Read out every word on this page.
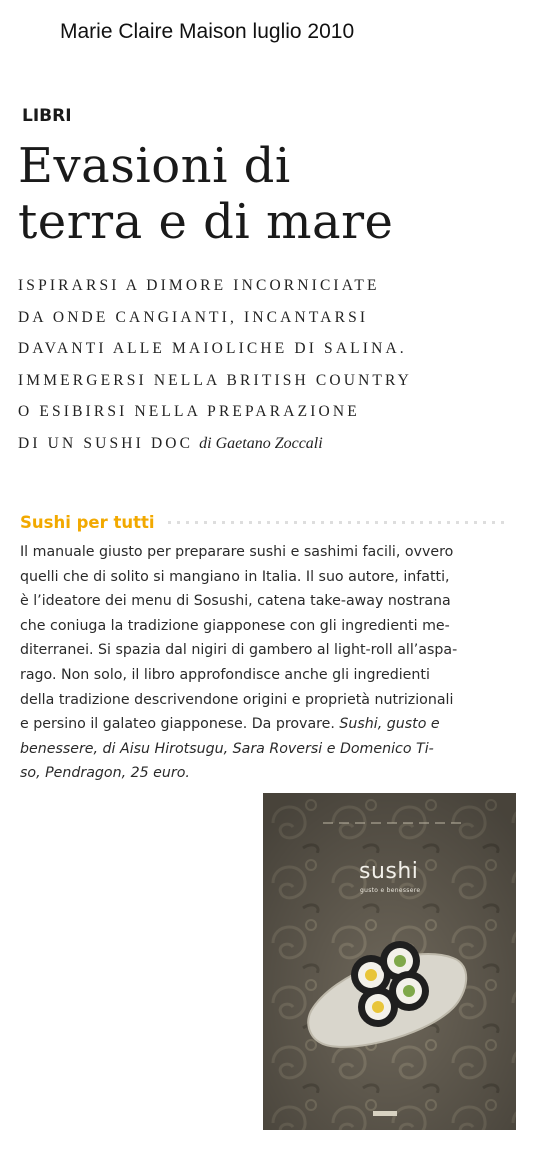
Marie Claire Maison luglio 2010
LIBRI
Evasioni di
terra e di mare
ISPIRARSI A DIMORE INCORNICIATE
DA ONDE CANGIANTI, INCANTARSI
DAVANTI ALLE MAIOLICHE DI SALINA.
IMMERGERSI NELLA BRITISH COUNTRY
O ESIBIRSI NELLA PREPARAZIONE
DI UN SUSHI DOC di Gaetano Zoccali
Sushi per tutti
Il manuale giusto per preparare sushi e sashimi facili, ovvero
quelli che di solito si mangiano in Italia. Il suo autore, infatti,
è l’ideatore dei menu di Sosushi, catena take-away nostrana
che coniuga la tradizione giapponese con gli ingredienti me-
diterranei. Si spazia dal nigiri di gambero al light-roll all’aspa-
rago. Non solo, il libro approfondisce anche gli ingredienti
della tradizione descrivendone origini e proprietà nutrizionali
e persino il galateo giapponese. Da provare. Sushi, gusto e
benessere, di Aisu Hirotsugu, Sara Roversi e Domenico Ti-
so, Pendragon, 25 euro.
sushi
gusto e benessere
